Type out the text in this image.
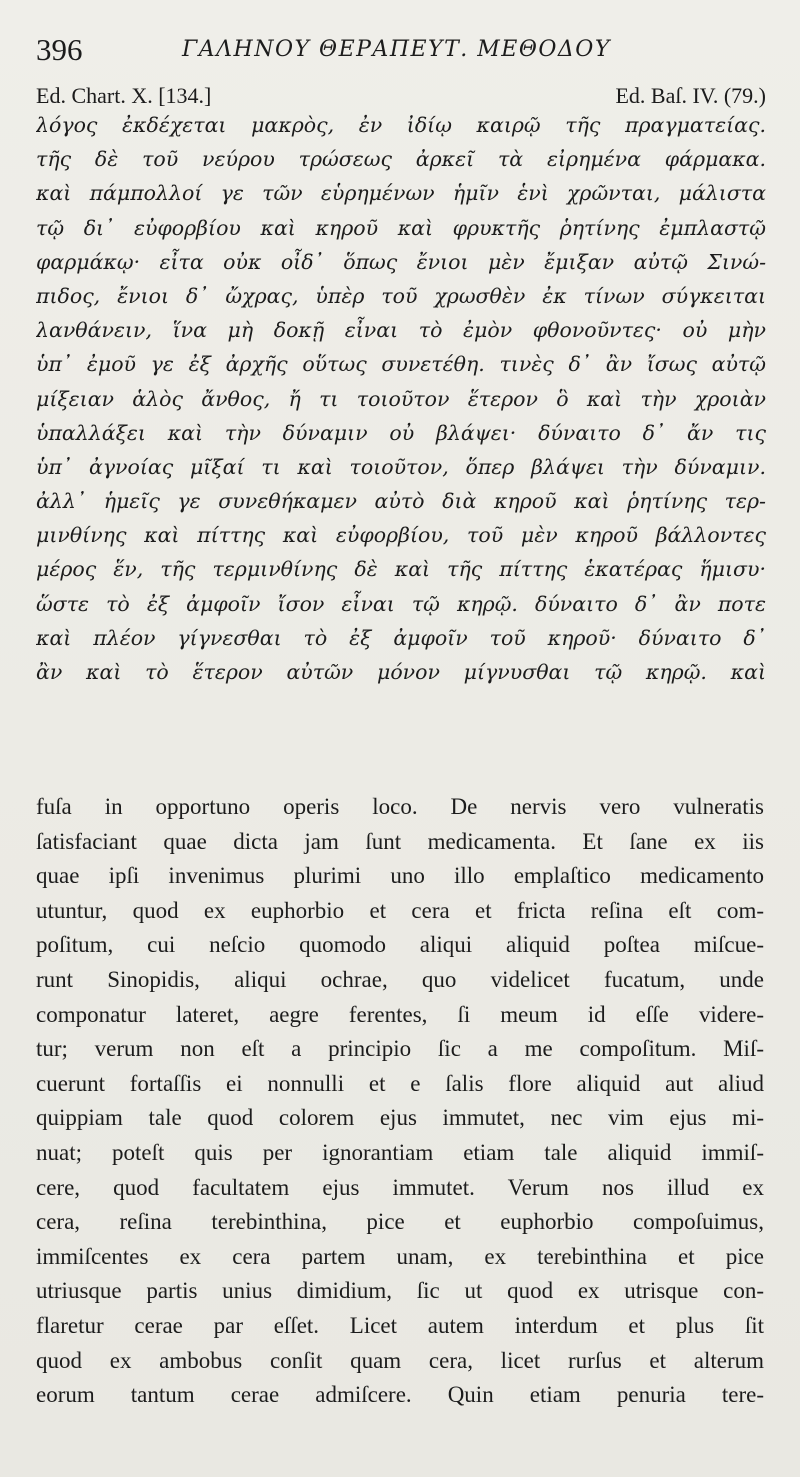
396	ΓΑΛΗΝΟΥ ΘΕΡΑΠΕΥΤ. ΜΕΘΟΔΟΥ
Ed. Chart. X. [134.]	Ed. Baſ. IV. (79.)
λόγος ἐκδέχεται μακρὸς, ἐν ἰδίῳ καιρῷ τῆς πραγματείας.
τῆς δὲ τοῦ νεύρου τρώσεως ἀρκεῖ τὰ εἰρημένα φάρμακα.
καὶ πάμπολλοί γε τῶν εὑρημένων ἡμῖν ἑνὶ χρῶνται, μάλιστα
τῷ δι᾽ εὐφορβίου καὶ κηροῦ καὶ φρυκτῆς ῥητίνης ἐμπλαστῷ
φαρμάκῳ· εἶτα οὐκ οἶδ᾽ ὅπως ἔνιοι μὲν ἔμιξαν αὐτῷ Σινώ-
πιδος, ἔνιοι δ᾽ ὤχρας, ὑπὲρ τοῦ χρωσθὲν ἐκ τίνων σύγκειται
λανθάνειν, ἵνα μὴ δοκῇ εἶναι τὸ ἐμὸν φθονοῦντες· οὐ μὴν
ὑπ᾽ ἐμοῦ γε ἐξ ἀρχῆς οὕτως συνετέθη. τινὲς δ᾽ ἂν ἴσως αὐτῷ
μίξειαν ἁλὸς ἄνθος, ἤ τι τοιοῦτον ἕτερον ὃ καὶ τὴν χροιὰν
ὑπαλλάξει καὶ τὴν δύναμιν οὐ βλάψει· δύναιτο δ᾽ ἄν τις
ὑπ᾽ ἀγνοίας μῖξαί τι καὶ τοιοῦτον, ὅπερ βλάψει τὴν δύναμιν.
ἀλλ᾽ ἡμεῖς γε συνεθήκαμεν αὐτὸ διὰ κηροῦ καὶ ῥητίνης τερ-
μινθίνης καὶ πίττης καὶ εὐφορβίου, τοῦ μὲν κηροῦ βάλλοντες
μέρος ἕν, τῆς τερμινθίνης δὲ καὶ τῆς πίττης ἑκατέρας ἥμισυ·
ὥστε τὸ ἐξ ἀμφοῖν ἴσον εἶναι τῷ κηρῷ. δύναιτο δ᾽ ἂν ποτε
καὶ πλέον γίγνεσθαι τὸ ἐξ ἀμφοῖν τοῦ κηροῦ· δύναιτο δ᾽
ἂν καὶ τὸ ἕτερον αὐτῶν μόνον μίγνυσθαι τῷ κηρῷ. καὶ
fuſa in opportuno operis loco. De nervis vero vulneratis
ſatisfaciant quae dicta jam ſunt medicamenta. Et ſane ex iis
quae ipſi invenimus plurimi uno illo emplaſtico medicamento
utuntur, quod ex euphorbio et cera et fricta reſina eſt com-
poſitum, cui neſcio quomodo aliqui aliquid poſtea miſcue-
runt Sinopidis, aliqui ochrae, quo videlicet fucatum, unde
componatur lateret, aegre ferentes, ſi meum id eſſe videre-
tur; verum non eſt a principio ſic a me compoſitum. Miſ-
cuerunt fortaſſis ei nonnulli et e ſalis flore aliquid aut aliud
quippiam tale quod colorem ejus immutet, nec vim ejus mi-
nuat; poteſt quis per ignorantiam etiam tale aliquid immiſ-
cere, quod facultatem ejus immutet. Verum nos illud ex
cera, reſina terebinthina, pice et euphorbio compoſuimus,
immiſcentes ex cera partem unam, ex terebinthina et pice
utriusque partis unius dimidium, ſic ut quod ex utrisque con-
flaretur cerae par eſſet. Licet autem interdum et plus ſit
quod ex ambobus conſit quam cera, licet rurſus et alterum
eorum tantum cerae admiſcere. Quin etiam penuria tere-
